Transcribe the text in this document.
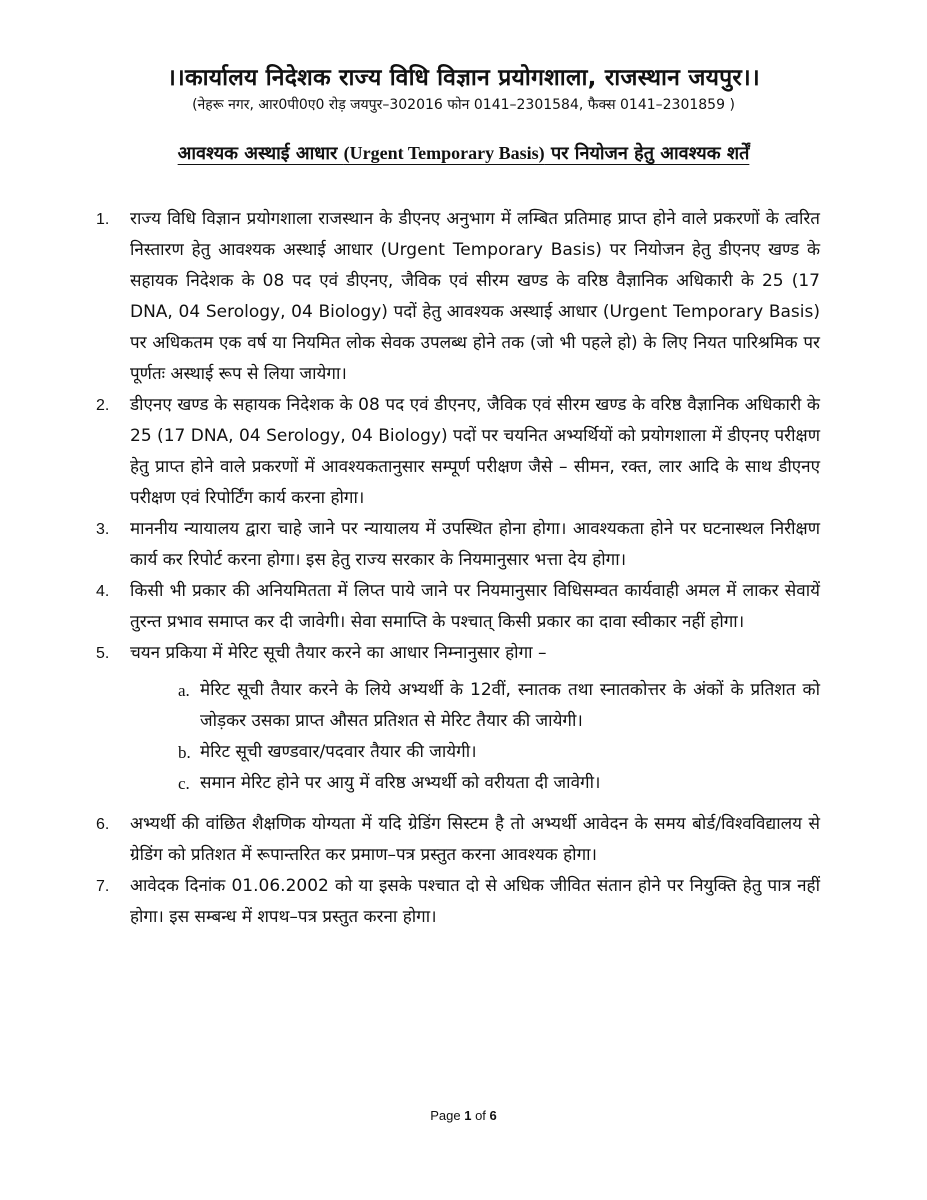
।।कार्यालय निदेशक राज्य विधि विज्ञान प्रयोगशाला, राजस्थान जयपुर।।
(नेहरू नगर, आर0पी0ए0 रोड़ जयपुर–302016 फोन 0141–2301584, फैक्स 0141–2301859 )
आवश्यक अस्थाई आधार (Urgent Temporary Basis) पर नियोजन हेतु आवश्यक शर्तें
1.	राज्य विधि विज्ञान प्रयोगशाला राजस्थान के डीएनए अनुभाग में लम्बित प्रतिमाह प्राप्त होने वाले प्रकरणों के त्वरित निस्तारण हेतु आवश्यक अस्थाई आधार (Urgent Temporary Basis) पर नियोजन हेतु डीएनए खण्ड के सहायक निदेशक के 08 पद एवं डीएनए, जैविक एवं सीरम खण्ड के वरिष्ठ वैज्ञानिक अधिकारी के 25 (17 DNA, 04 Serology, 04 Biology) पदों हेतु आवश्यक अस्थाई आधार (Urgent Temporary Basis) पर अधिकतम एक वर्ष या नियमित लोक सेवक उपलब्ध होने तक (जो भी पहले हो) के लिए नियत पारिश्रमिक पर पूर्णतः अस्थाई रूप से लिया जायेगा।
2.	डीएनए खण्ड के सहायक निदेशक के 08 पद एवं डीएनए, जैविक एवं सीरम खण्ड के वरिष्ठ वैज्ञानिक अधिकारी के 25 (17 DNA, 04 Serology, 04 Biology) पदों पर चयनित अभ्यर्थियों को प्रयोगशाला में डीएनए परीक्षण हेतु प्राप्त होने वाले प्रकरणों में आवश्यकतानुसार सम्पूर्ण परीक्षण जैसे – सीमन, रक्त, लार आदि के साथ डीएनए परीक्षण एवं रिपोर्टिंग कार्य करना होगा।
3.	माननीय न्यायालय द्वारा चाहे जाने पर न्यायालय में उपस्थित होना होगा। आवश्यकता होने पर घटनास्थल निरीक्षण कार्य कर रिपोर्ट करना होगा। इस हेतु राज्य सरकार के नियमानुसार भत्ता देय होगा।
4.	किसी भी प्रकार की अनियमितता में लिप्त पाये जाने पर नियमानुसार विधिसम्वत कार्यवाही अमल में लाकर सेवायें तुरन्त प्रभाव समाप्त कर दी जावेगी। सेवा समाप्ति के पश्चात् किसी प्रकार का दावा स्वीकार नहीं होगा।
5.	चयन प्रकिया में मेरिट सूची तैयार करने का आधार निम्नानुसार होगा –
a. मेरिट सूची तैयार करने के लिये अभ्यर्थी के 12वीं, स्नातक तथा स्नातकोत्तर के अंकों के प्रतिशत को जोड़कर उसका प्राप्त औसत प्रतिशत से मेरिट तैयार की जायेगी।
b. मेरिट सूची खण्डवार/पदवार तैयार की जायेगी।
c. समान मेरिट होने पर आयु में वरिष्ठ अभ्यर्थी को वरीयता दी जावेगी।
6.	अभ्यर्थी की वांछित शैक्षणिक योग्यता में यदि ग्रेडिंग सिस्टम है तो अभ्यर्थी आवेदन के समय बोर्ड/विश्वविद्यालय से ग्रेडिंग को प्रतिशत में रूपान्तरित कर प्रमाण–पत्र प्रस्तुत करना आवश्यक होगा।
7.	आवेदक दिनांक 01.06.2002 को या इसके पश्चात दो से अधिक जीवित संतान होने पर नियुक्ति हेतु पात्र नहीं होगा। इस सम्बन्ध में शपथ–पत्र प्रस्तुत करना होगा।
Page 1 of 6
